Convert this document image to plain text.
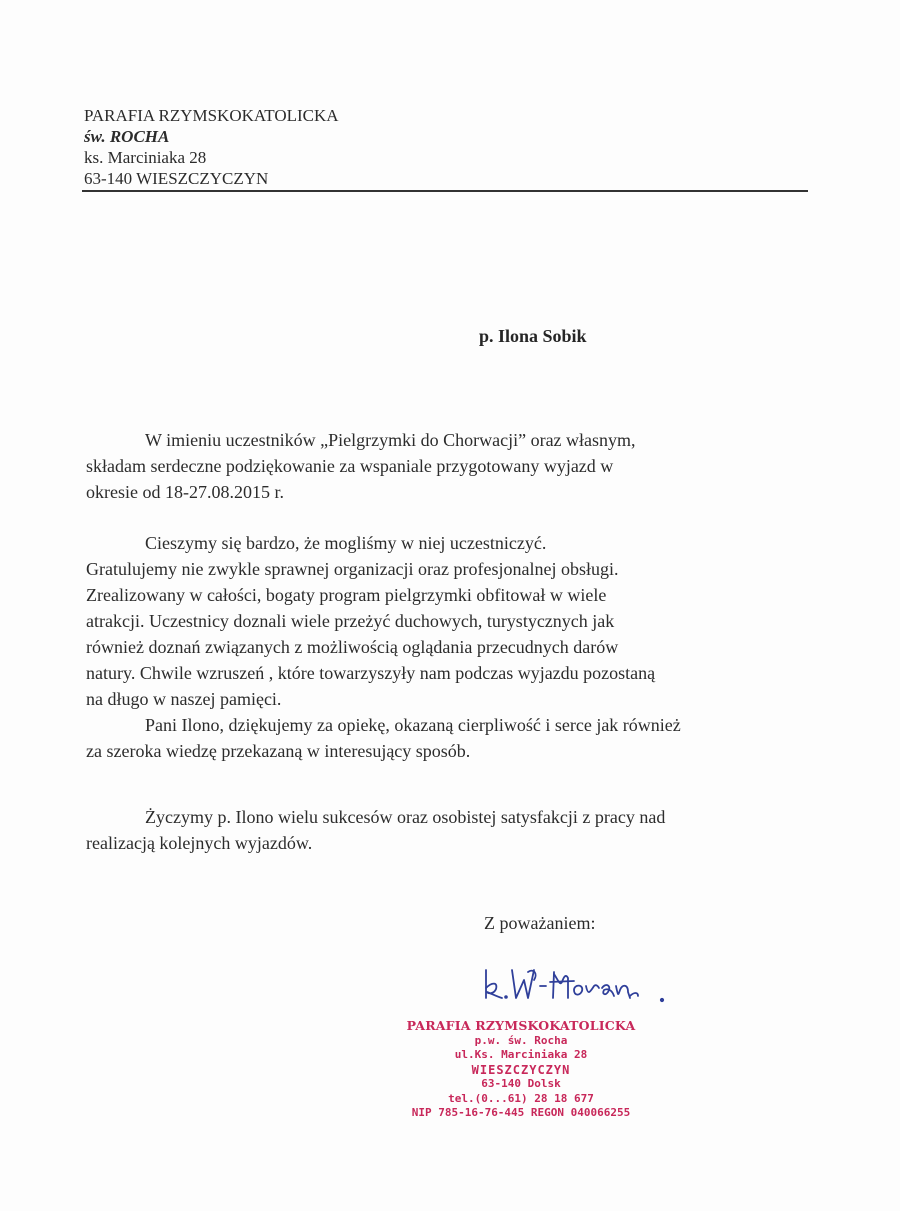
PARAFIA RZYMSKOKATOLICKA
św. ROCHA
ks. Marciniaka 28
63-140 WIESZCZYCZYN
p. Ilona Sobik

W imieniu uczestników „Pielgrzymki do Chorwacji” oraz własnym,
składam serdeczne podziękowanie za wspaniale przygotowany wyjazd w
okresie od 18-27.08.2015 r.

Cieszymy się bardzo, że mogliśmy w niej uczestniczyć.
Gratulujemy nie zwykle sprawnej organizacji oraz profesjonalnej obsługi.
Zrealizowany w całości, bogaty program pielgrzymki obfitował w wiele
atrakcji. Uczestnicy doznali wiele przeżyć duchowych, turystycznych jak
również doznań związanych z możliwością oglądania przecudnych darów
natury. Chwile wzruszeń , które towarzyszyły nam podczas wyjazdu pozostaną
na długo w naszej pamięci.

Pani Ilono, dziękujemy za opiekę, okazaną cierpliwość i serce jak również
za szeroka wiedzę przekazaną w interesujący sposób.

Życzymy p. Ilono wielu sukcesów oraz osobistej satysfakcji z pracy nad
realizacją kolejnych wyjazdów.

Z poważaniem:
PARAFIA RZYMSKOKATOLICKA
p.w. św. Rocha
ul.Ks. Marciniaka 28
WIESZCZYCZYN
63-140 Dolsk
tel.(0...61) 28 18 677
NIP 785-16-76-445 REGON 040066255
